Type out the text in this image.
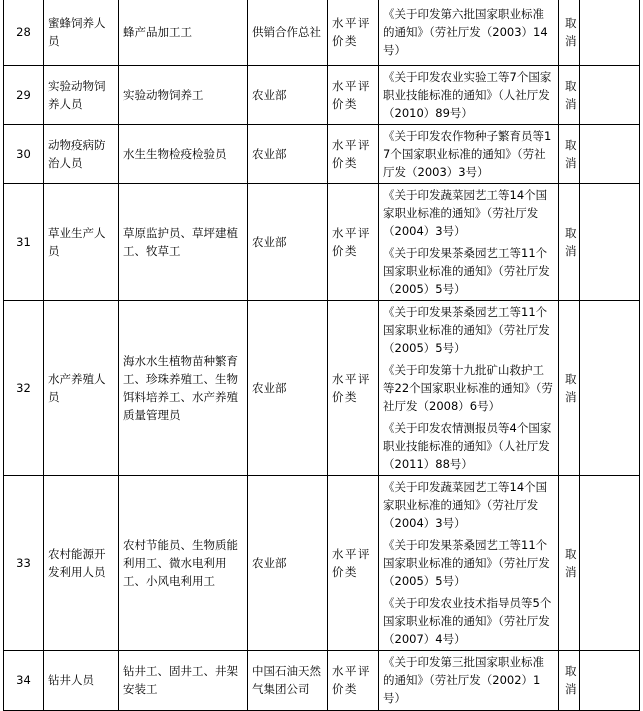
28	蜜蜂饲养人员	蜂产品加工工	供销合作总社	水平评价类	《关于印发第六批国家职业标准的通知》（劳社厅发（2003）14号）	取消	
29	实验动物饲养人员	实验动物饲养工	农业部	水平评价类	《关于印发农业实验工等7个国家职业技能标准的通知》（人社厅发（2010）89号）	取消	
30	动物疫病防治人员	水生生物检疫检验员	农业部	水平评价类	《关于印发农作物种子繁育员等17个国家职业标准的通知》（劳社厅发（2003）3号）	取消	
31	草业生产人员	草原监护员、草坪建植工、牧草工	农业部	水平评价类	《关于印发蔬菜园艺工等14个国家职业标准的通知》（劳社厅发（2004）3号）
《关于印发果茶桑园艺工等11个国家职业标准的通知》（劳社厅发（2005）5号）	取消	
32	水产养殖人员	海水水生植物苗种繁育工、珍珠养殖工、生物饵料培养工、水产养殖质量管理员	农业部	水平评价类	《关于印发果茶桑园艺工等11个国家职业标准的通知》（劳社厅发（2005）5号）
《关于印发第十九批矿山救护工等22个国家职业标准的通知》（劳社厅发（2008）6号）
《关于印发农情测报员等4个国家职业技能标准的通知》（人社厅发（2011）88号）	取消	
33	农村能源开发利用人员	农村节能员、生物质能利用工、微水电利用工、小风电利用工	农业部	水平评价类	《关于印发蔬菜园艺工等14个国家职业标准的通知》（劳社厅发（2004）3号）
《关于印发果茶桑园艺工等11个国家职业标准的通知》（劳社厅发（2005）5号）
《关于印发农业技术指导员等5个国家职业标准的通知》（劳社厅发（2007）4号）	取消	
34	钻井人员	钻井工、固井工、井架安装工	中国石油天然气集团公司	水平评价类	《关于印发第三批国家职业标准的通知》（劳社厅发（2002）1号）	取消	
